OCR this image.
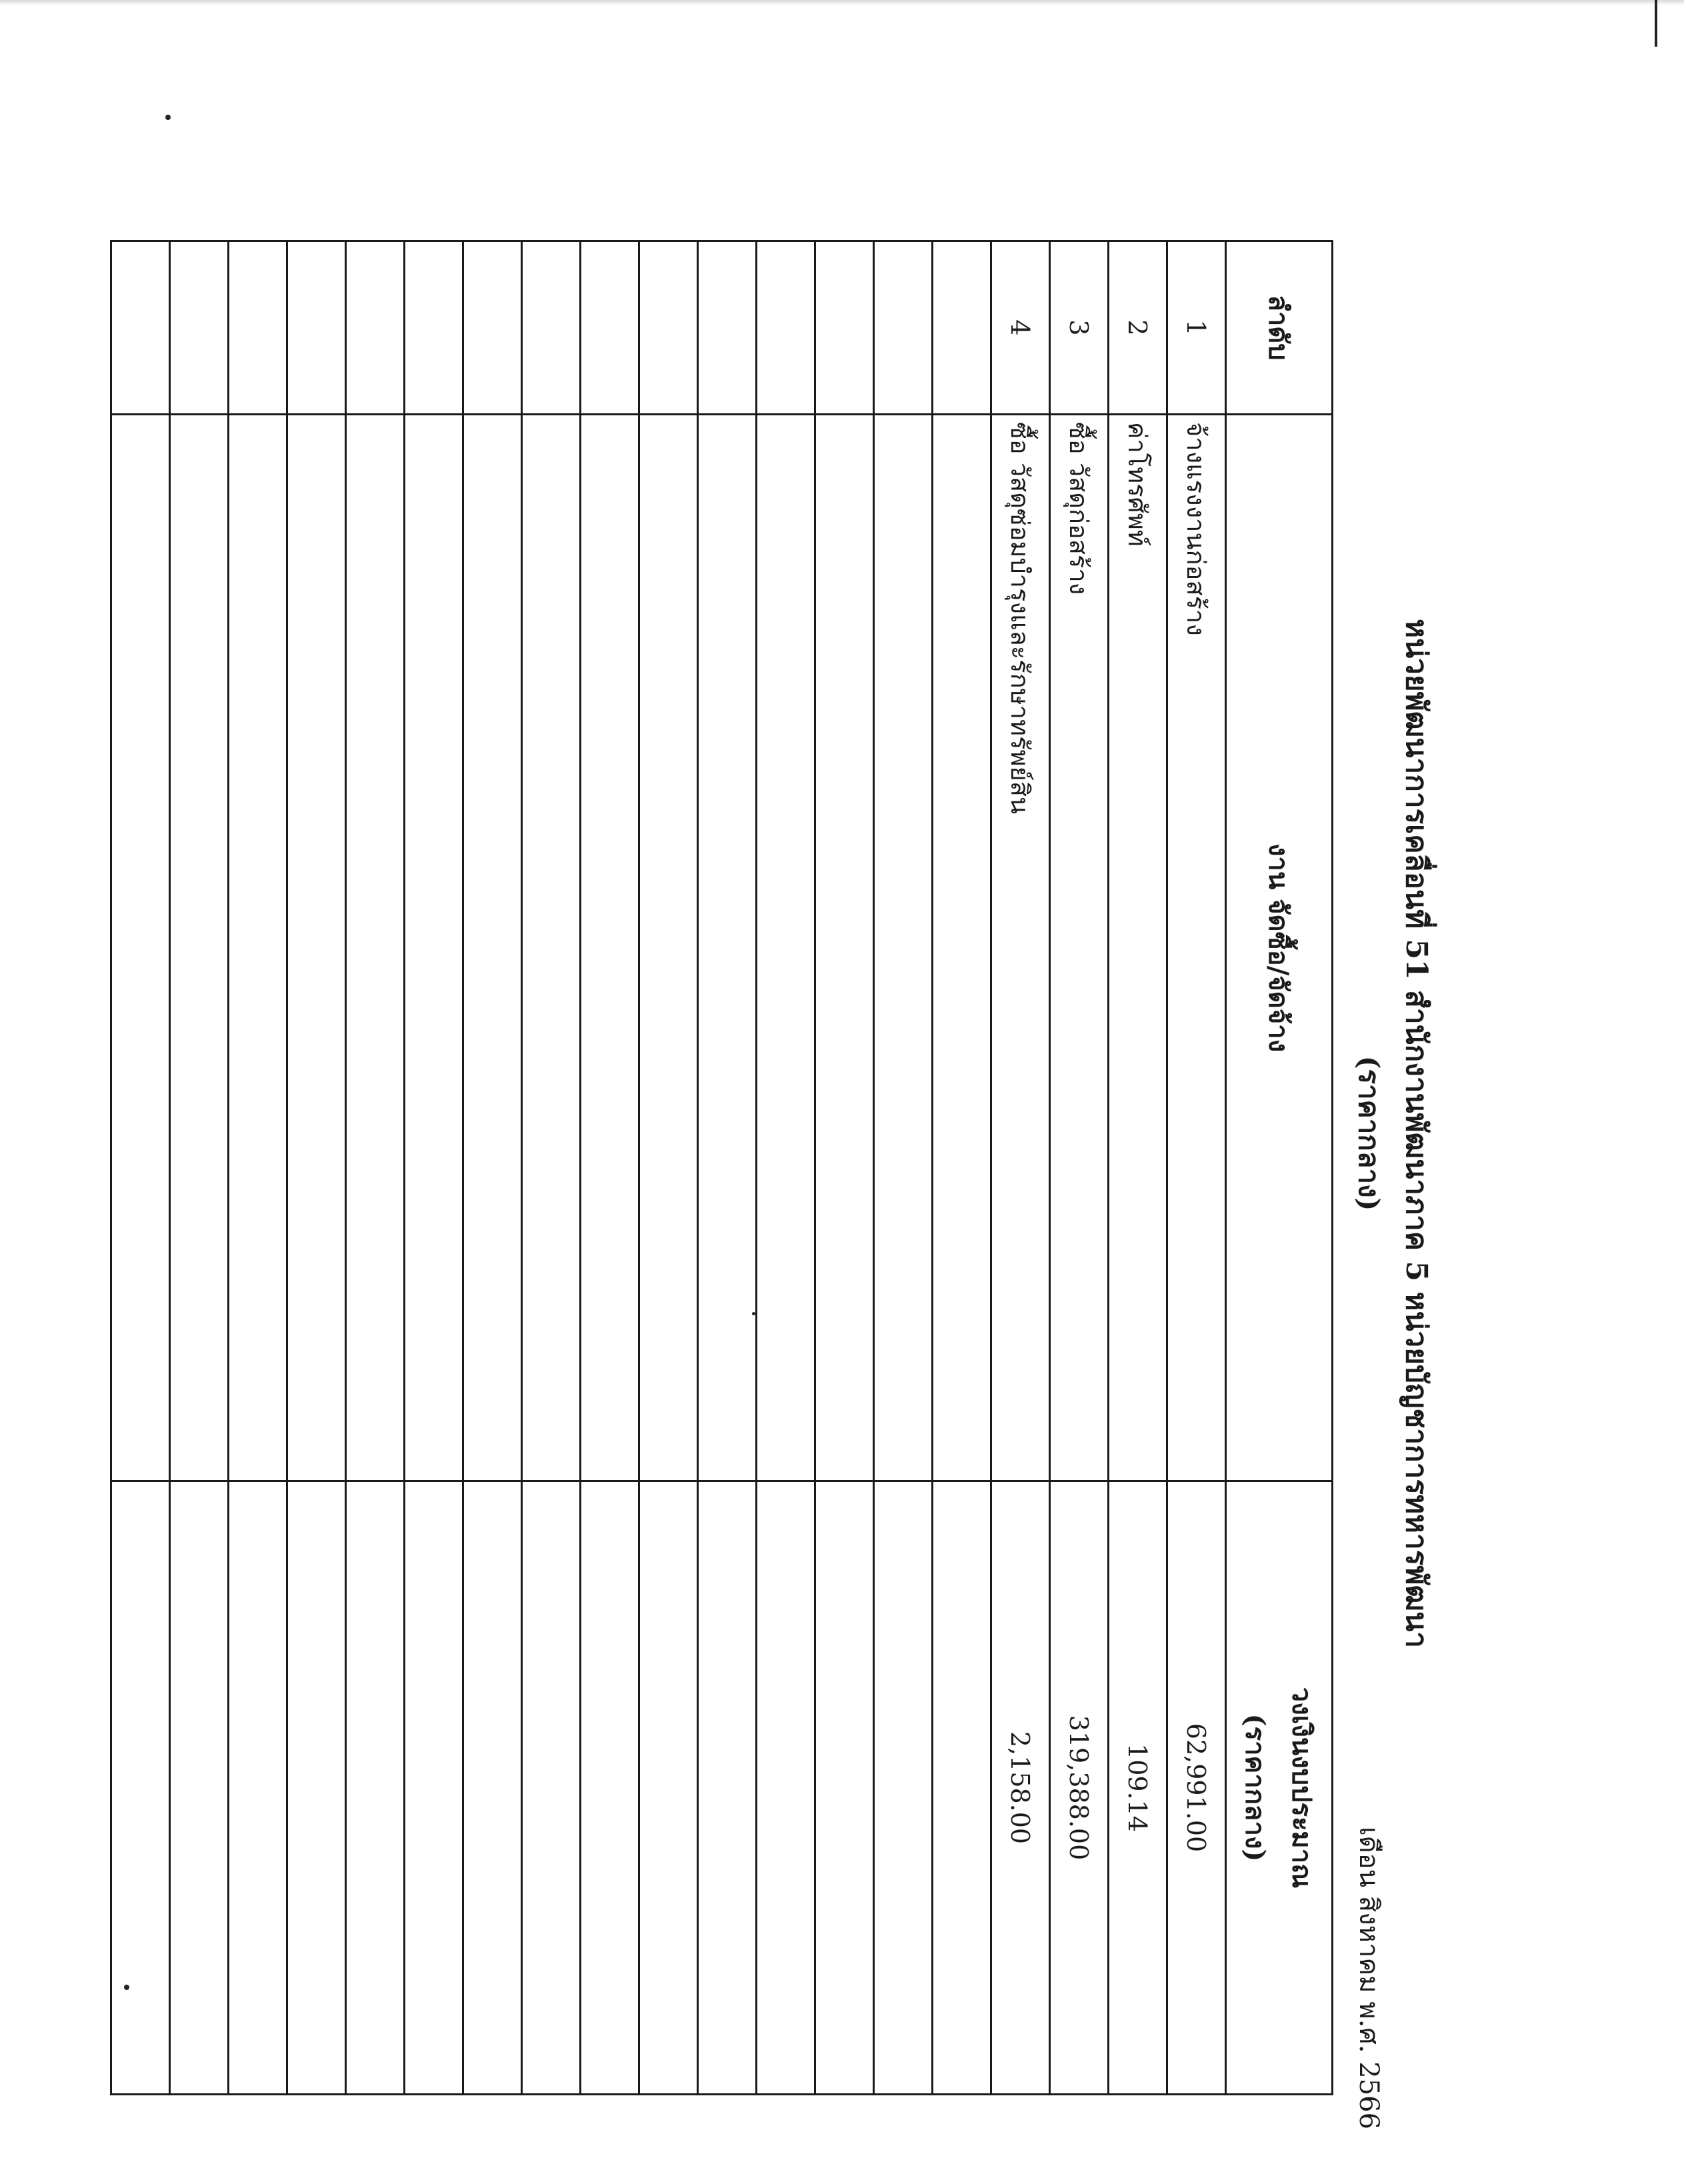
หน่วยพัฒนาการเคลื่อนที่ 51 สำนักงานพัฒนาภาค 5 หน่วยบัญชาการทหารพัฒนา
(ราคากลาง)
เดือน สิงหาคม พ.ศ. 2566
ลำดับ	งาน จัดซื้อ/จัดจ้าง	วงเงินงบประมาณ
(ราคากลาง)

1	จ้างแรงงานก่อสร้าง	62,991.00
2	ค่าโทรศัพท์	109.14
3	ซื้อ วัสดุก่อสร้าง	319,388.00
4	ซื้อ วัสดุซ่อมบำรุงและรักษาทรัพย์สิน	2,158.00
